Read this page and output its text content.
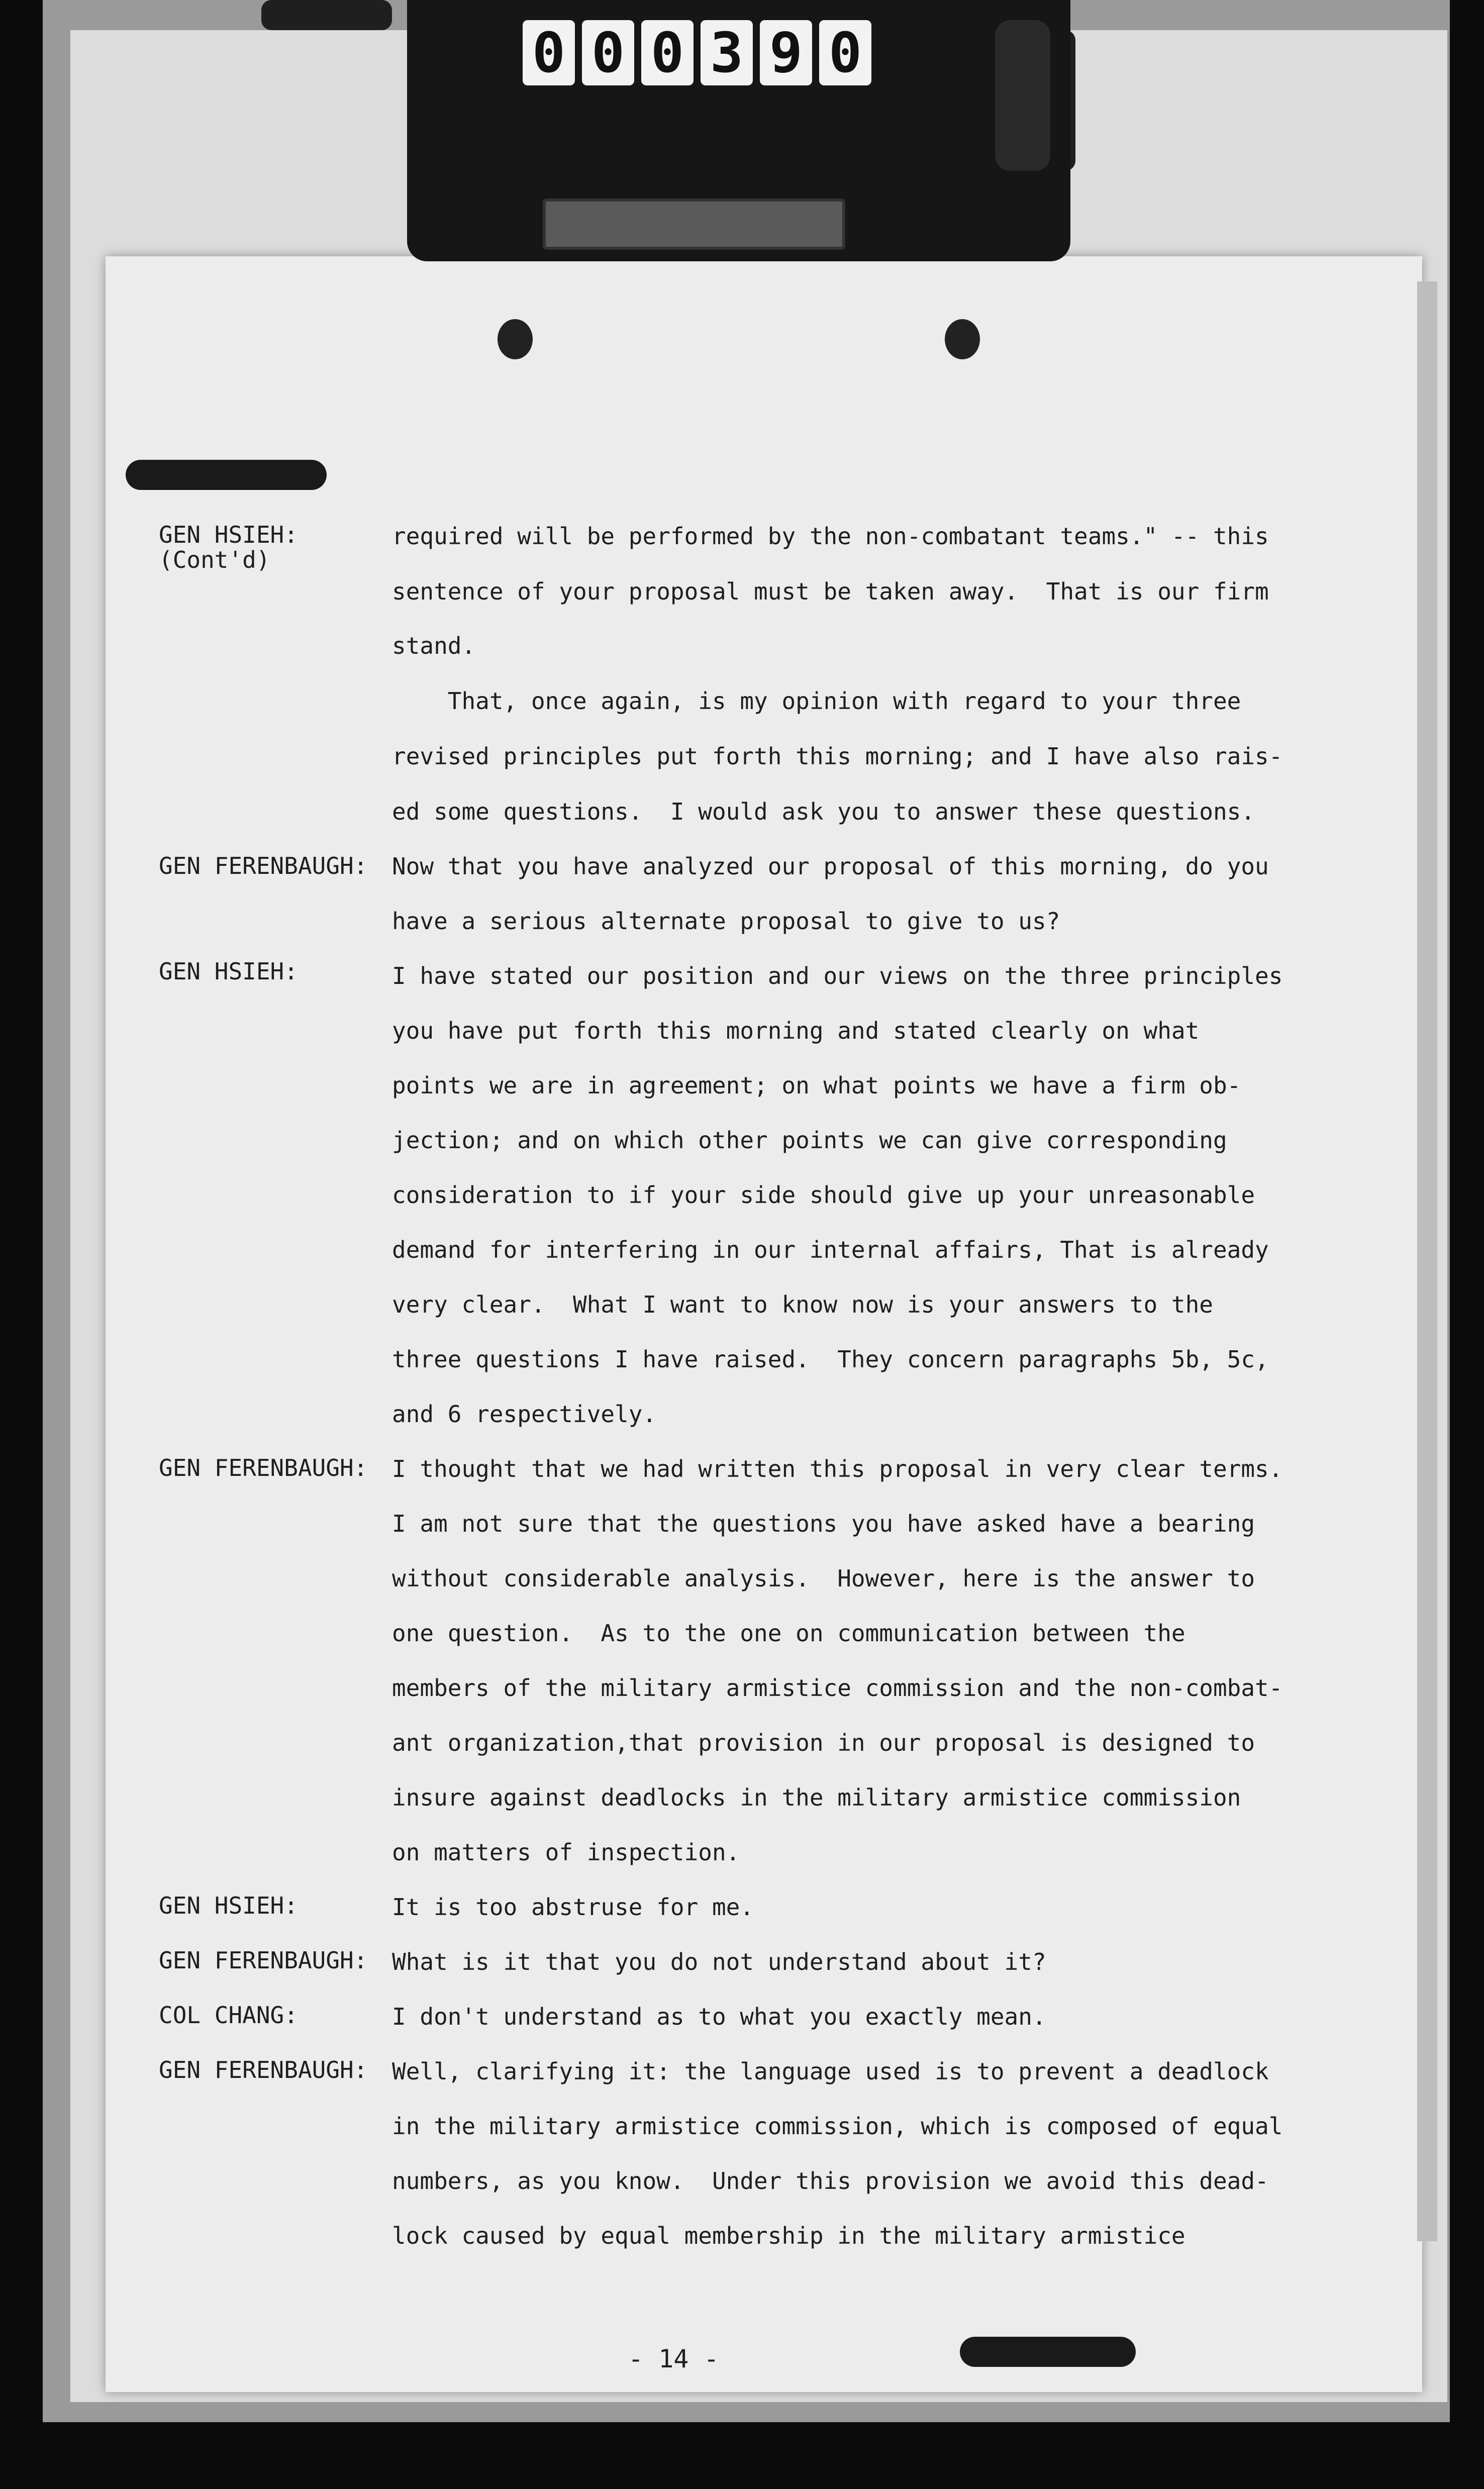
0 0 0 3 9 0
GEN HSIEH:
(Cont'd)
GEN FERENBAUGH:
GEN HSIEH:
GEN FERENBAUGH:
GEN HSIEH:
GEN FERENBAUGH:
COL CHANG:
GEN FERENBAUGH:
required will be performed by the non-combatant teams." -- this
sentence of your proposal must be taken away.  That is our firm
stand.
That, once again, is my opinion with regard to your three
revised principles put forth this morning; and I have also rais-
ed some questions.  I would ask you to answer these questions.
Now that you have analyzed our proposal of this morning, do you
have a serious alternate proposal to give to us?
I have stated our position and our views on the three principles
you have put forth this morning and stated clearly on what
points we are in agreement; on what points we have a firm ob-
jection; and on which other points we can give corresponding
consideration to if your side should give up your unreasonable
demand for interfering in our internal affairs, That is already
very clear.  What I want to know now is your answers to the
three questions I have raised.  They concern paragraphs 5b, 5c,
and 6 respectively.
I thought that we had written this proposal in very clear terms.
I am not sure that the questions you have asked have a bearing
without considerable analysis.  However, here is the answer to
one question.  As to the one on communication between the
members of the military armistice commission and the non-combat-
ant organization,that provision in our proposal is designed to
insure against deadlocks in the military armistice commission
on matters of inspection.
It is too abstruse for me.
What is it that you do not understand about it?
I don't understand as to what you exactly mean.
Well, clarifying it: the language used is to prevent a deadlock
in the military armistice commission, which is composed of equal
numbers, as you know.  Under this provision we avoid this dead-
lock caused by equal membership in the military armistice
- 14 -
